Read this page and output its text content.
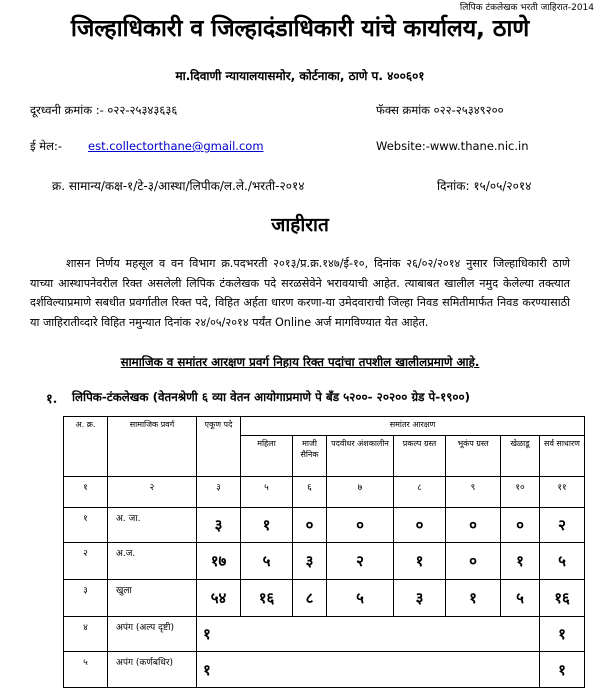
लिपिक टंकलेखक भरती जाहिरात-2014
जिल्हाधिकारी व जिल्हादंडाधिकारी यांचे कार्यालय, ठाणे
मा.दिवाणी न्यायालयासमोर, कोर्टनाका, ठाणे प. ४००६०१
दूरध्वनी क्रमांक :- ०२२-२५३४३६३६	फॅक्स क्रमांक ०२२-२५३४९२००
ई मेल:- est.collectorthane@gmail.com	Website:-www.thane.nic.in
क्र. सामान्य/कक्ष-१/टे-३/आस्था/लिपीक/ल.ले./भरती-२०१४	दिनांक: १५/०५/२०१४
जाहीरात
शासन निर्णय महसूल व वन विभाग क्र.पदभरती २०१३/प्र.क्र.१४७/ई-१०, दिनांक २६/०२/२०१४ नुसार जिल्हाधिकारी ठाणे याच्या आस्थापनेवरील रिक्त असलेली लिपिक टंकलेखक पदे सरळसेवेने भरावयाची आहेत. त्याबाबत खालील नमुद केलेल्या तक्त्यात दर्शविल्याप्रमाणे सबधीत प्रवर्गातील रिक्त पदे, विहित अर्हता धारण करणा-या उमेदवाराची जिल्हा निवड समितीमार्फत निवड करण्यासाठी या जाहिरातीव्दारे विहित नमुन्यात दिनांक २४/०५/२०१४ पर्यंत Online अर्ज मागविण्यात येत आहेत.
सामाजिक व समांतर आरक्षण प्रवर्ग निहाय रिक्त पदांचा तपशील खालीलप्रमाणे आहे.
१. लिपिक-टंकलेखक (वेतनश्रेणी ६ व्या वेतन आयोगाप्रमाणे पे बँड ५२००- २०२०० ग्रेड पे-१९००)
अ. क्र.	सामाजिक प्रवर्ग	एकूण पदे	समांतर आरक्षण						
			महिला	माजी सैनिक	पदवीधर अंशकालीन	प्रकल्प ग्रस्त	भूकंप ग्रस्त	खेळाडू	सर्व साधारण
१	२	३	५	६	७	८	९	१०	११
१	अ. जा.	३	१	०	०	०	०	०	२
२	अ.ज.	१७	५	३	२	१	०	१	५
३	खुला	५४	१६	८	५	३	१	५	१६
४	अपंग (अल्प दृष्टी)	१							१
५	अपंग (कर्णबधिर)	१							१
